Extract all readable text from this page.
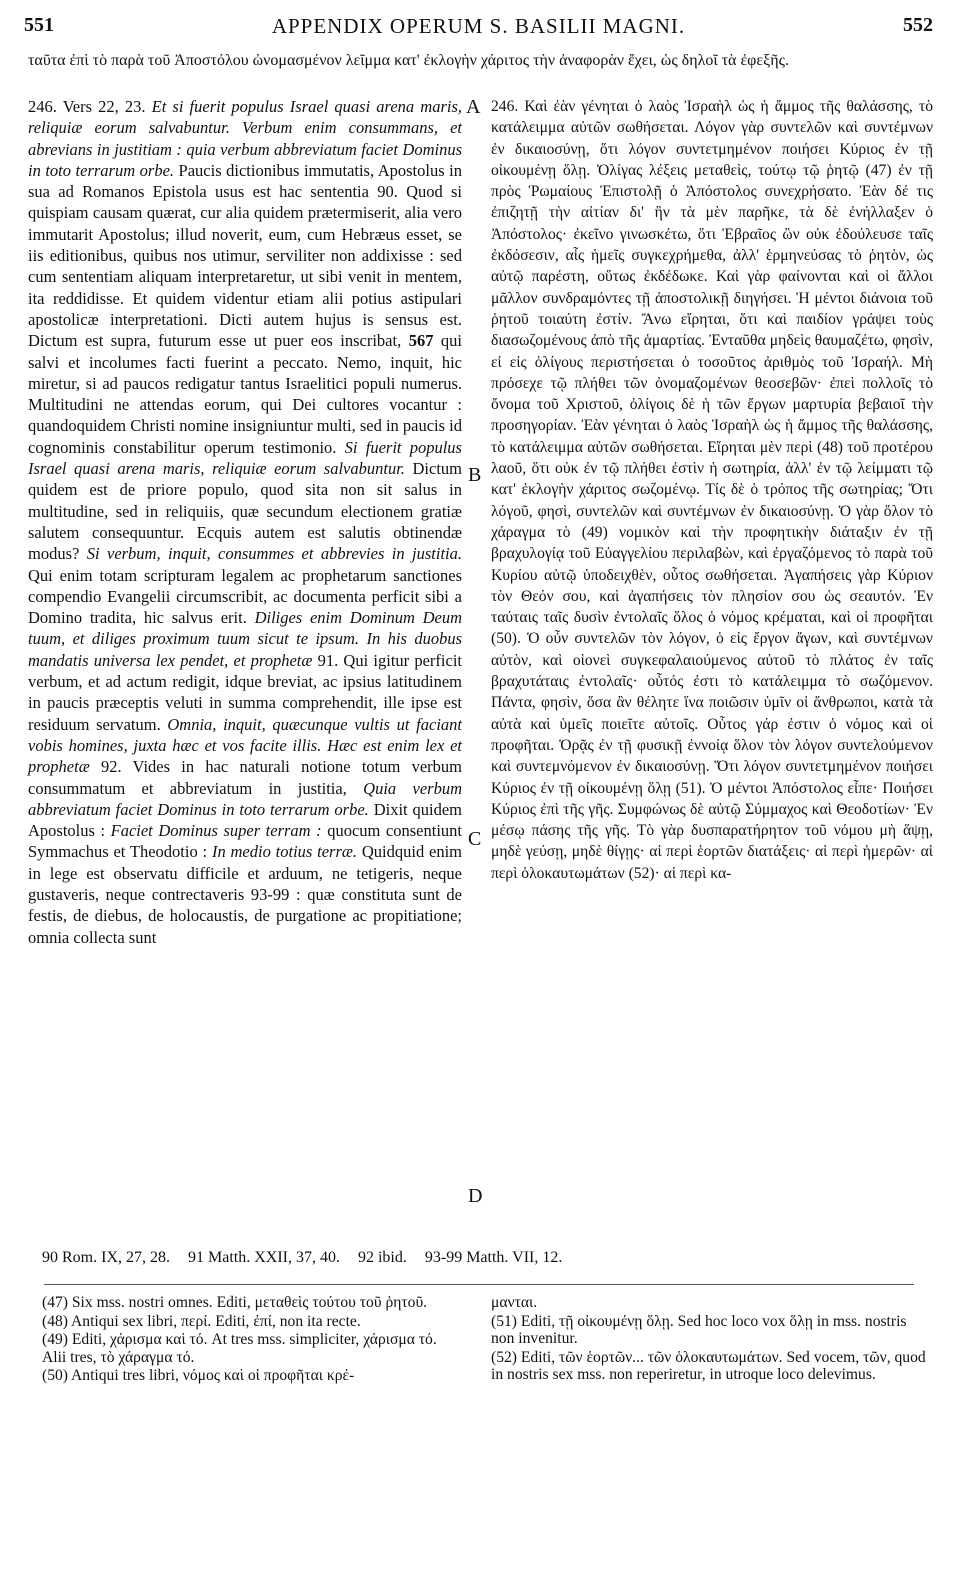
551	APPENDIX OPERUM S. BASILII MAGNI.	552
ταῦτα ἐπὶ τὸ παρὰ τοῦ Ἀποστόλου ὠνομασμένον λεῖμμα κατ' ἐκλογὴν χάριτος τὴν ἀναφορὰν ἔχει, ὡς δηλοῖ τὰ ἐφεξῆς.
246. Vers 22, 23. Et si fuerit populus Israel quasi arena maris, reliquiæ eorum salvabuntur. Verbum enim consummans, et abrevians in justitiam : quia verbum abbreviatum faciet Dominus in toto terrarum orbe. Paucis dictionibus immutatis, Apostolus in sua ad Romanos Epistola usus est hac sententia 90. Quod si quispiam causam quærat, cur alia quidem prætermiserit, alia vero immutarit Apostolus; illud noverit, eum, cum Hebræus esset, se iis editionibus, quibus nos utimur, serviliter non addixisse : sed cum sententiam aliquam interpretaretur, ut sibi venit in mentem, ita reddidisse. Et quidem videntur etiam alii potius astipulari apostolicæ interpretationi. Dicti autem hujus is sensus est. Dictum est supra, futurum esse ut puer eos inscribat, 567 qui salvi et incolumes facti fuerint a peccato. Nemo, inquit, hic miretur, si ad paucos redigatur tantus Israelitici populi numerus. Multitudini ne attendas eorum, qui Dei cultores vocantur : quandoquidem Christi nomine insigniuntur multi, sed in paucis id cognominis constabilitur operum testimonio. Si fuerit populus Israel quasi arena maris, reliquiæ eorum salvabuntur. Dictum quidem est de priore populo, quod sita non sit salus in multitudine, sed in reliquiis, quæ secundum electionem gratiæ salutem consequuntur. Ecquis autem est salutis obtinendæ modus? Si verbum, inquit, consummes et abbrevies in justitia. Qui enim totam scripturam legalem ac prophetarum sanctiones compendio Evangelii circumscribit, ac documenta perficit sibi a Domino tradita, hic salvus erit. Diliges enim Dominum Deum tuum, et diliges proximum tuum sicut te ipsum. In his duobus mandatis universa lex pendet, et prophetæ 91. Qui igitur perficit verbum, et ad actum redigit, idque breviat, ac ipsius latitudinem in paucis præceptis veluti in summa comprehendit, ille ipse est residuum servatum. Omnia, inquit, quæcunque vultis ut faciant vobis homines, juxta hæc et vos facite illis. Hæc est enim lex et prophetæ 92. Vides in hac naturali notione totum verbum consummatum et abbreviatum in justitia, Quia verbum abbreviatum faciet Dominus in toto terrarum orbe. Dixit quidem Apostolus : Faciet Dominus super terram : quocum consentiunt Symmachus et Theodotio : In medio totius terræ. Quidquid enim in lege est observatu difficile et arduum, ne tetigeris, neque gustaveris, neque contrectaveris 93-99 : quæ constituta sunt de festis, de diebus, de holocaustis, de purgatione ac propitiatione; omnia collecta sunt
A
B
C
D
246. Καὶ ἐὰν γένηται ὁ λαὸς Ἰσραὴλ ὡς ἡ ἄμμος τῆς θαλάσσης, τὸ κατάλειμμα αὐτῶν σωθήσεται. Λόγον γὰρ συντελῶν καὶ συντέμνων ἐν δικαιοσύνῃ, ὅτι λόγον συντετμημένον ποιήσει Κύριος ἐν τῇ οἰκουμένῃ ὅλῃ. Ὀλίγας λέξεις μεταθεὶς, τούτῳ τῷ ῥητῷ (47) ἐν τῇ πρὸς Ῥωμαίους Ἐπιστολῇ ὁ Ἀπόστολος συνεχρήσατο. Ἐὰν δέ τις ἐπιζητῇ τὴν αἰτίαν δι' ἣν τὰ μὲν παρῆκε, τὰ δὲ ἐνήλλαξεν ὁ Ἀπόστολος· ἐκεῖνο γινωσκέτω, ὅτι Ἑβραῖος ὢν οὐκ ἐδούλευσε ταῖς ἐκδόσεσιν, αἷς ἡμεῖς συγκεχρήμεθα, ἀλλ' ἑρμηνεύσας τὸ ῥητὸν, ὡς αὐτῷ παρέστη, οὕτως ἐκδέδωκε. Καὶ γὰρ φαίνονται καὶ οἱ ἄλλοι μᾶλλον συνδραμόντες τῇ ἀποστολικῇ διηγήσει. Ἡ μέντοι διάνοια τοῦ ῥητοῦ τοιαύτη ἐστίν. Ἄνω εἴρηται, ὅτι καὶ παιδίον γράψει τοὺς διασωζομένους ἀπὸ τῆς ἁμαρτίας. Ἐνταῦθα μηδεὶς θαυμαζέτω, φησὶν, εἰ εἰς ὀλίγους περιστήσεται ὁ τοσοῦτος ἀριθμὸς τοῦ Ἰσραήλ. Μὴ πρόσεχε τῷ πλήθει τῶν ὀνομαζομένων θεοσεβῶν· ἐπεὶ πολλοῖς τὸ ὄνομα τοῦ Χριστοῦ, ὀλίγοις δὲ ἡ τῶν ἔργων μαρτυρία βεβαιοῖ τὴν προσηγορίαν. Ἐὰν γένηται ὁ λαὸς Ἰσραὴλ ὡς ἡ ἄμμος τῆς θαλάσσης, τὸ κατάλειμμα αὐτῶν σωθήσεται. Εἴρηται μὲν περὶ (48) τοῦ προτέρου λαοῦ, ὅτι οὐκ ἐν τῷ πλήθει ἐστὶν ἡ σωτηρία, ἀλλ' ἐν τῷ λείμματι τῷ κατ' ἐκλογὴν χάριτος σωζομένῳ. Τίς δὲ ὁ τρόπος τῆς σωτηρίας; Ὅτι λόγοῦ, φησὶ, συντελῶν καὶ συντέμνων ἐν δικαιοσύνῃ. Ὁ γὰρ ὅλον τὸ χάραγμα τὸ (49) νομικὸν καὶ τὴν προφητικὴν διάταξιν ἐν τῇ βραχυλογίᾳ τοῦ Εὐαγγελίου περιλαβὼν, καὶ ἐργαζόμενος τὸ παρὰ τοῦ Κυρίου αὐτῷ ὑποδειχθὲν, οὗτος σωθήσεται. Ἀγαπήσεις γὰρ Κύριον τὸν Θεόν σου, καὶ ἀγαπήσεις τὸν πλησίον σου ὡς σεαυτόν. Ἐν ταύταις ταῖς δυσὶν ἐντολαῖς ὅλος ὁ νόμος κρέμαται, καὶ οἱ προφῆται (50). Ὁ οὖν συντελῶν τὸν λόγον, ὁ εἰς ἔργον ἄγων, καὶ συντέμνων αὐτὸν, καὶ οἱονεὶ συγκεφαλαιούμενος αὐτοῦ τὸ πλάτος ἐν ταῖς βραχυτάταις ἐντολαῖς· οὗτός ἐστι τὸ κατάλειμμα τὸ σωζόμενον. Πάντα, φησὶν, ὅσα ἂν θέλητε ἵνα ποιῶσιν ὑμῖν οἱ ἄνθρωποι, κατὰ τὰ αὐτὰ καὶ ὑμεῖς ποιεῖτε αὐτοῖς. Οὗτος γάρ ἐστιν ὁ νόμος καὶ οἱ προφῆται. Ὁρᾷς ἐν τῇ φυσικῇ ἐννοίᾳ ὅλον τὸν λόγον συντελούμενον καὶ συντεμνόμενον ἐν δικαιοσύνῃ. Ὅτι λόγον συντετμημένον ποιήσει Κύριος ἐν τῇ οἰκουμένῃ ὅλῃ (51). Ὁ μέντοι Ἀπόστολος εἶπε· Ποιήσει Κύριος ἐπὶ τῆς γῆς. Συμφώνως δὲ αὐτῷ Σύμμαχος καὶ Θεοδοτίων· Ἐν μέσῳ πάσης τῆς γῆς. Τὸ γὰρ δυσπαρατήρητον τοῦ νόμου μὴ ἅψῃ, μηδὲ γεύσῃ, μηδὲ θίγῃς· αἱ περὶ ἑορτῶν διατάξεις· αἱ περὶ ἡμερῶν· αἱ περὶ ὁλοκαυτωμάτων (52)· αἱ περὶ κα-
90 Rom. IX, 27, 28. 91 Matth. XXII, 37, 40. 92 ibid. 93-99 Matth. VII, 12.

(47) Six mss. nostri omnes. Editi, μεταθεὶς τούτου τοῦ ῥητοῦ.

(48) Antiqui sex libri, περί. Editi, ἐπί, non ita recte.

(49) Editi, χάρισμα καὶ τό. At tres mss. simpliciter, χάρισμα τό. Alii tres, τὸ χάραγμα τό.

(50) Antiqui tres libri, νόμος καὶ οἱ προφῆται κρέ-

μανται.

(51) Editi, τῇ οἰκουμένῃ ὅλῃ. Sed hoc loco vox ὅλῃ in mss. nostris non invenitur.

(52) Editi, τῶν ἑορτῶν... τῶν ὁλοκαυτωμάτων. Sed vocem, τῶν, quod in nostris sex mss. non reperiretur, in utroque loco delevimus.
